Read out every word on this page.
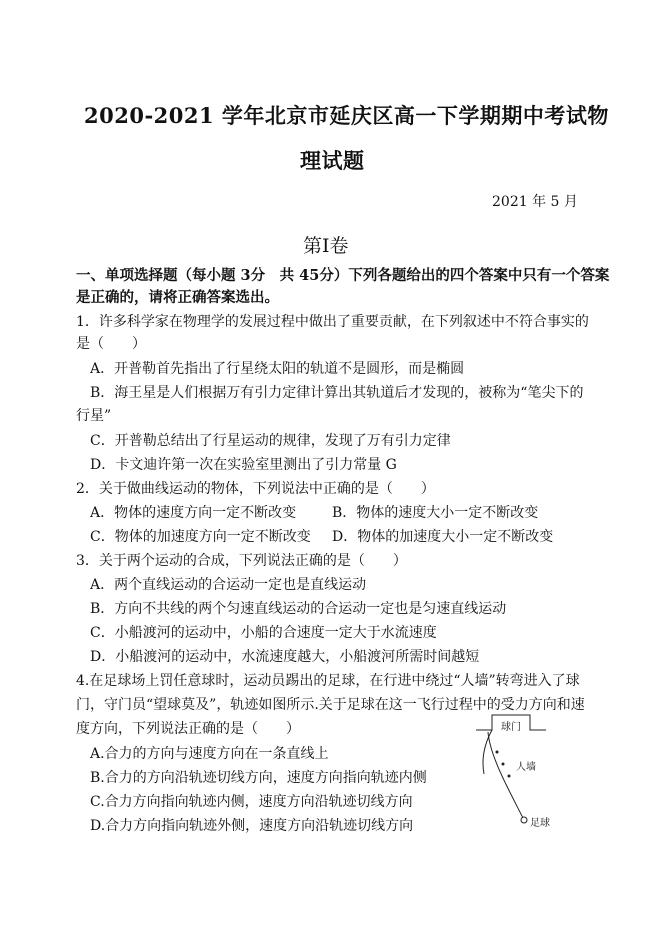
2020-2021 学年北京市延庆区高一下学期期中考试物
理试题
2021 年 5 月
第Ⅰ卷
一、单项选择题（每小题 3分　共 45分）下列各题给出的四个答案中只有一个答案
是正确的，请将正确答案选出。
1．许多科学家在物理学的发展过程中做出了重要贡献，在下列叙述中不符合事实的
是（　　）
A．开普勒首先指出了行星绕太阳的轨道不是圆形，而是椭圆
B．海王星是人们根据万有引力定律计算出其轨道后才发现的，被称为“笔尖下的
行星”
C．开普勒总结出了行星运动的规律，发现了万有引力定律
D．卡文迪许第一次在实验室里测出了引力常量 G
2．关于做曲线运动的物体，下列说法中正确的是（　　）
A．物体的速度方向一定不断改变	B．物体的速度大小一定不断改变
C．物体的加速度方向一定不断改变 D．物体的加速度大小一定不断改变
3．关于两个运动的合成，下列说法正确的是（　　）
A．两个直线运动的合运动一定也是直线运动
B．方向不共线的两个匀速直线运动的合运动一定也是匀速直线运动
C．小船渡河的运动中，小船的合速度一定大于水流速度
D．小船渡河的运动中，水流速度越大，小船渡河所需时间越短
4.在足球场上罚任意球时，运动员踢出的足球，在行进中绕过“人墙”转弯进入了球
门，守门员“望球莫及”，轨迹如图所示.关于足球在这一飞行过程中的受力方向和速
度方向，下列说法正确的是（　　）
A.合力的方向与速度方向在一条直线上
B.合力的方向沿轨迹切线方向，速度方向指向轨迹内侧
C.合力方向指向轨迹内侧，速度方向沿轨迹切线方向
D.合力方向指向轨迹外侧，速度方向沿轨迹切线方向
球门
人墙
足球
